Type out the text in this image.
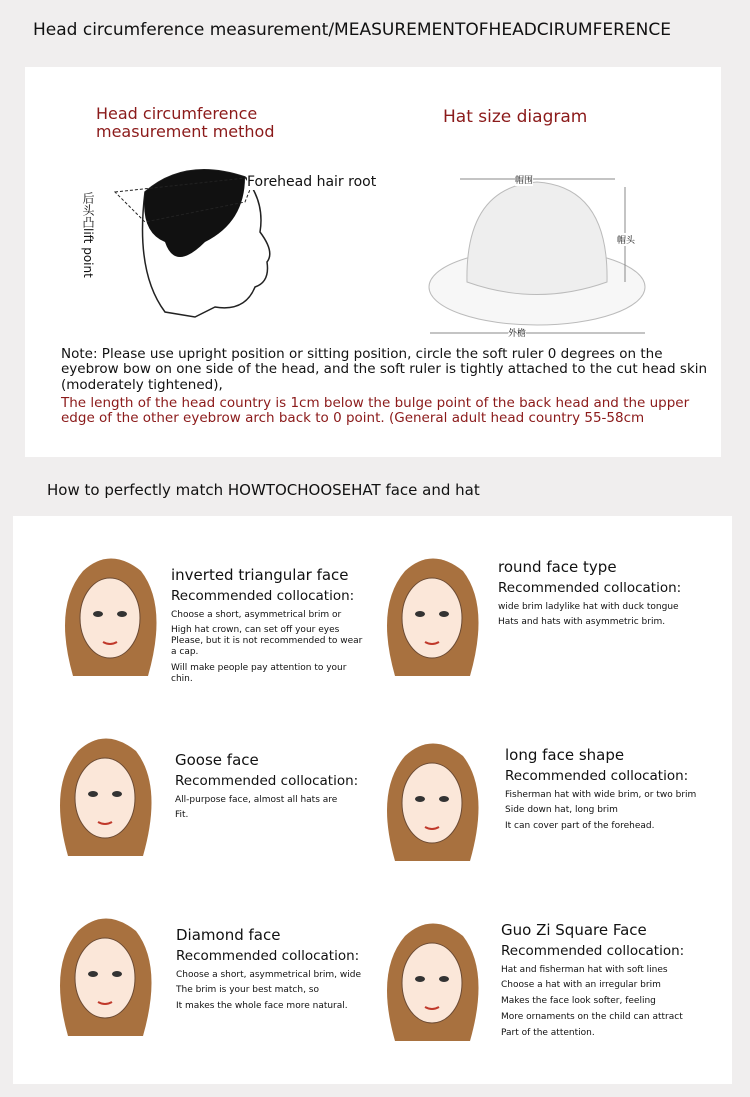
Head circumference measurement/MEASUREMENTOFHEADCIRUMFERENCE
Head circumference measurement method
Hat size diagram
Forehead hair root
后头凸lift point
帽围
帽头
外檐
Note: Please use upright position or sitting position, circle the soft ruler 0 degrees on the eyebrow bow on one side of the head, and the soft ruler is tightly attached to the cut head skin (moderately tightened),
The length of the head country is 1cm below the bulge point of the back head and the upper edge of the other eyebrow arch back to 0 point. (General adult head country 55-58cm
How to perfectly match HOWTOCHOOSEHAT face and hat

inverted triangular face

Recommended collocation:

Choose a short, asymmetrical brim or

High hat crown, can set off your eyes Please, but it is not recommended to wear a cap.

Will make people pay attention to your chin.

round face type

Recommended collocation:

wide brim ladylike hat with duck tongue

Hats and hats with asymmetric brim.

Goose face

Recommended collocation:

All-purpose face, almost all hats are

Fit.

long face shape

Recommended collocation:

Fisherman hat with wide brim, or two brim

Side down hat, long brim

It can cover part of the forehead.

Diamond face

Recommended collocation:

Choose a short, asymmetrical brim, wide

The brim is your best match, so

It makes the whole face more natural.

Guo Zi Square Face

Recommended collocation:

Hat and fisherman hat with soft lines

Choose a hat with an irregular brim

Makes the face look softer, feeling

More ornaments on the child can attract

Part of the attention.
